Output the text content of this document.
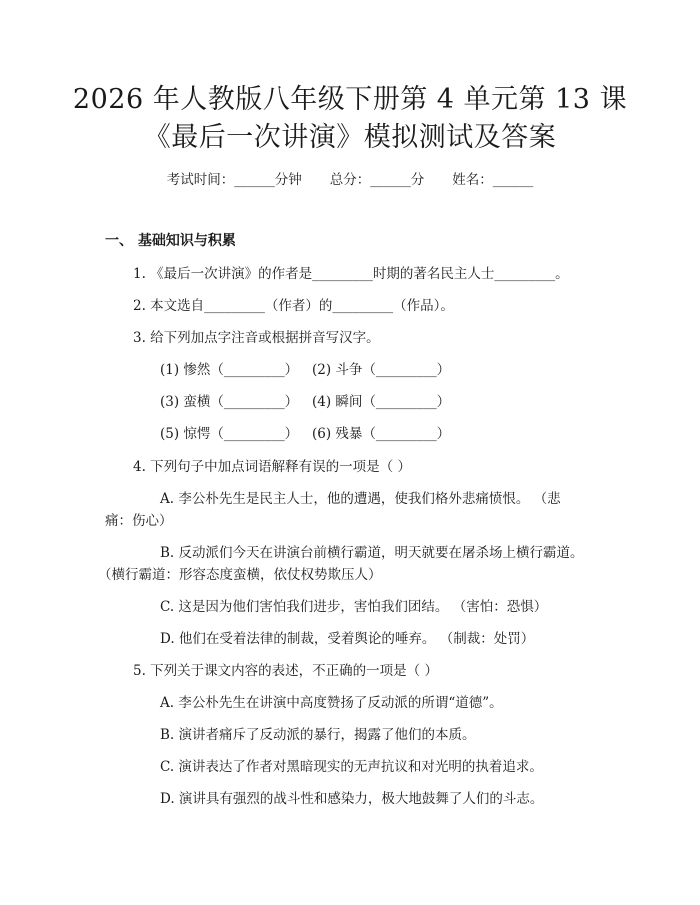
2026 年人教版八年级下册第 4 单元第 13 课
《最后一次讲演》模拟测试及答案
考试时间：______分钟 总分：______分 姓名：______
一、 基础知识与积累
1. 《最后一次讲演》的作者是_________时期的著名民主人士_________。
2. 本文选自_________（作者）的_________（作品）。
3. 给下列加点字注音或根据拼音写汉字。
(1) 惨然（_________） (2) 斗争（_________）
(3) 蛮横（_________） (4) 瞬间（_________）
(5) 惊愕（_________） (6) 残暴（_________）
4. 下列句子中加点词语解释有误的一项是（ ）
A. 李公朴先生是民主人士，他的遭遇，使我们格外悲痛愤恨。 （悲
痛：伤心）
B. 反动派们今天在讲演台前横行霸道，明天就要在屠杀场上横行霸道。
（横行霸道：形容态度蛮横，依仗权势欺压人）
C. 这是因为他们害怕我们进步，害怕我们团结。 （害怕：恐惧）
D. 他们在受着法律的制裁，受着舆论的唾弃。 （制裁：处罚）
5. 下列关于课文内容的表述，不正确的一项是（ ）
A. 李公朴先生在讲演中高度赞扬了反动派的所谓“道德”。
B. 演讲者痛斥了反动派的暴行，揭露了他们的本质。
C. 演讲表达了作者对黑暗现实的无声抗议和对光明的执着追求。
D. 演讲具有强烈的战斗性和感染力，极大地鼓舞了人们的斗志。
